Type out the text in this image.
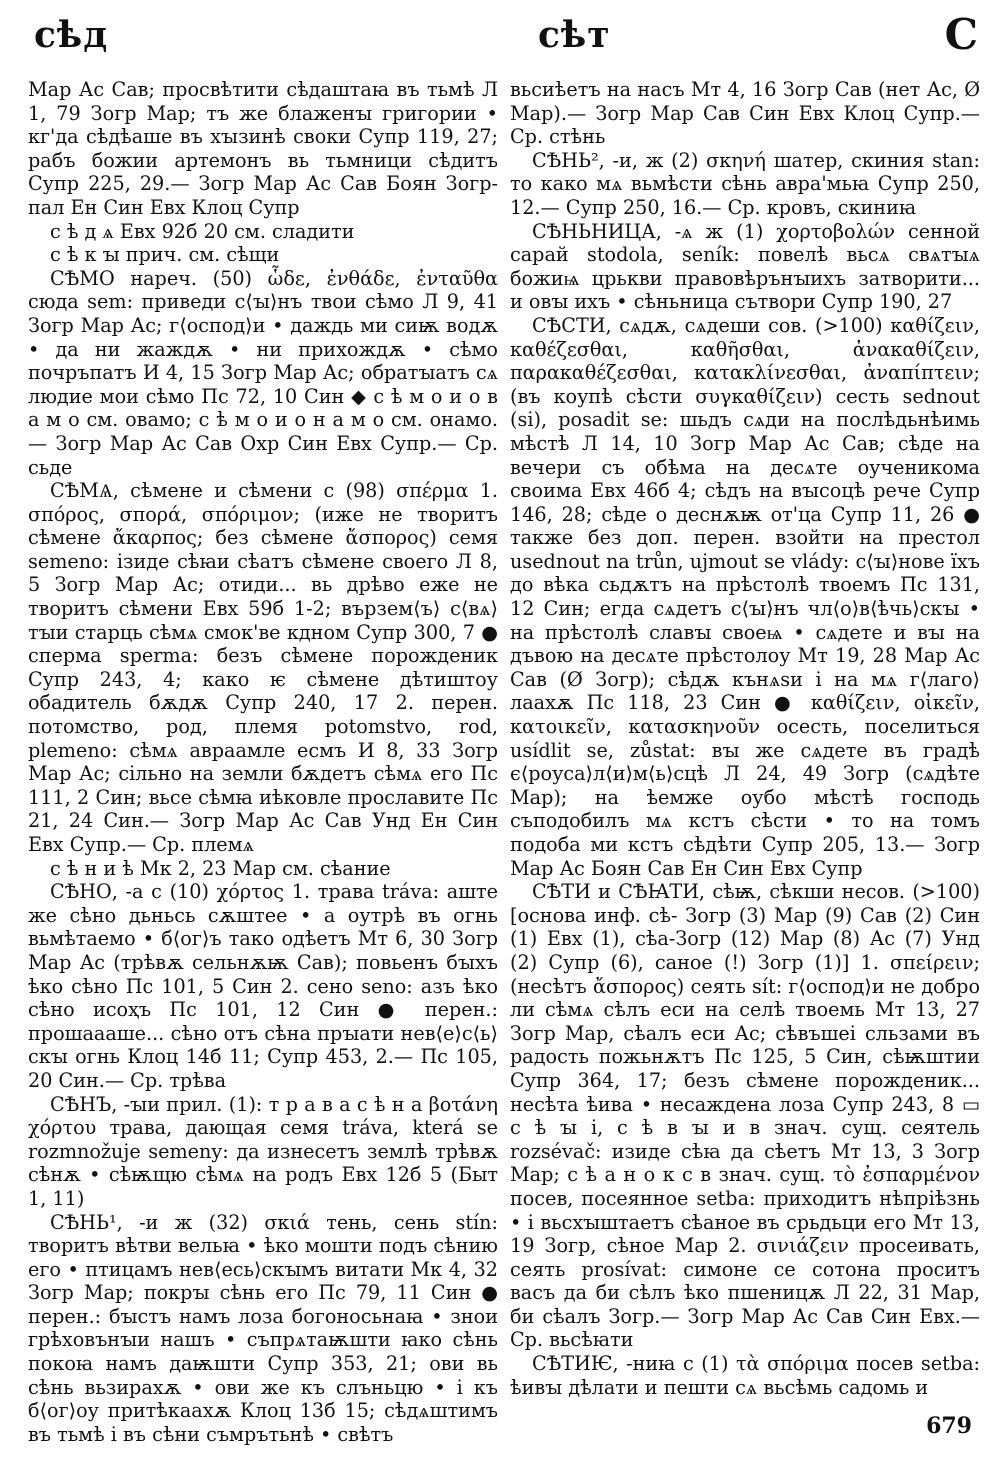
сѣд	сѣт	С

Мар Ас Сав; просвѣтити сѣдаштаꙗ въ тьмѣ Л 1, 79 Зогр Мар; тъ же блаженꙑ григории • кг'да сѣдѣаше въ хꙑзинѣ своки Супр 119, 27; рабъ божии артемонъ вь тьмници сѣдитъ Супр 225, 29.— Зогр Мар Ас Сав Боян Зогр-пал Ен Син Евх Клоц Супр

с ѣ д ѧ Евх 92б 20 см. сладити

с ѣ к ꙑ прич. см. сѣщи

СѢМО нареч. (50) ὧδε, ἐνθάδε, ἐνταῦθα сюда sem: приведи с⟨ꙑ⟩нъ твои сѣмо Л 9, 41 Зогр Мар Ас; г⟨оспод⟩и • даждь ми сиѭ водѫ • да ни жаждѫ • ни прихождѫ • сѣмо почръпатъ И 4, 15 Зогр Мар Ас; обратꙑатъ сѧ людие мои сѣмо Пс 72, 10 Син ◆ с ѣ м о и о в а м о см. овамо; с ѣ м о и о н а м о см. онамо.— Зогр Мар Ас Сав Охр Син Евх Супр.— Ср. сьде

СѢМѦ, сѣмене и сѣмени с (98) σπέρμα 1. σπόρος, σπορά, σπόριμον; (иже не творитъ сѣмене ἄκαρπος; без сѣмене ἄσπορος) семя semeno: ізиде сѣꙗи сѣатъ сѣмене своего Л 8, 5 Зогр Мар Ас; отиди... вь дрѣво еже не творитъ сѣмени Евх 59б 1-2; вързем⟨ъ⟩ с⟨вѧ⟩тꙑи старць сѣмѧ смок'ве кдном Супр 300, 7 ● сперма sperma: безъ сѣмене порожденик Супр 243, 4; како ѥ сѣмене дѣтиштоу обадитель бѫдѫ Супр 240, 17 2. перен. потомство, род, племя potomstvo, rod, plemeno: сѣмѧ авраамле есмъ И 8, 33 Зогр Мар Ас; сільно на земли бѫдетъ сѣмѧ его Пс 111, 2 Син; вьсе сѣмꙗ иѣковле прославите Пс 21, 24 Син.— Зогр Мар Ас Сав Унд Ен Син Евх Супр.— Ср. племѧ

с ѣ н и ѣ Мк 2, 23 Мар см. сѣание

СѢНО, -а с (10) χόρτος 1. трава tráva: аште же сѣно дьньсь сѫштее • а оутрѣ въ огнь вьмѣтаемо • б⟨ог⟩ъ тако одѣетъ Мт 6, 30 Зогр Мар Ас (трѣвѫ сельнѫѭ Сав); повьенъ бꙑхъ ѣко сѣно Пс 101, 5 Син 2. сено seno: азъ ѣко сѣно исоҳъ Пс 101, 12 Син ● перен.: прошаааше... сѣно отъ сѣна прꙑати нев⟨е⟩с⟨ь⟩скꙑ огнь Клоц 14б 11; Супр 453, 2.— Пс 105, 20 Син.— Ср. трѣва

СѢНЪ, -ꙑи прил. (1): т р а в а с ѣ н а βοτάνη χόρτου трава, дающая семя tráva, která se rozmnožuje semeny: да изнесетъ землѣ трѣвѫ сѣнѫ • сѣѭщю сѣмѧ на родъ Евх 12б 5 (Быт 1, 11)

СѢНЬ¹, -и ж (32) σκιά тень, сень stín: творитъ вѣтви вельꙗ • ѣко мошти подъ сѣнию его • птицамъ нев⟨есь⟩скꙑмъ витати Мк 4, 32 Зогр Мар; покрꙑ сѣнь его Пс 79, 11 Син ● перен.: бꙑстъ намъ лоза богоносьнаꙗ • знои грѣховънꙑи нашъ • съпрѧтаѭшти ꙗко сѣнь покоꙗ намъ даѭшти Супр 353, 21; ови вь сѣнь вьзирахѫ • ови же къ слъньцю • і къ б⟨ог⟩оу притѣкаахѫ Клоц 13б 15; сѣдѧштимъ въ тьмѣ і въ сѣни съмрътьнѣ • свѣтъ

вьсиѣетъ на насъ Мт 4, 16 Зогр Сав (нет Ас, Ø Мар).— Зогр Мар Сав Син Евх Клоц Супр.— Ср. стѣнь

СѢНЬ², -и, ж (2) σκηνή шатер, скиния stan: то како мѧ вьмѣсти сѣнь авра'мьꙗ Супр 250, 12.— Супр 250, 16.— Ср. кровъ, скиниꙗ

СѢНЬНИЦА, -ѧ ж (1) χορτοβολών сенной сарай stodola, seník: повелѣ вьсѧ свѧтꙑѧ божиѩ црькви правовѣрънꙑихъ затворити... и овꙑ ихъ • сѣньница сътвори Супр 190, 27

СѢСТИ, сѧдѫ, сѧдеши сов. (>100) καθίζειν, καθέζεσθαι, καθῆσθαι, ἀνακαθίζειν, παρακαθέζεσθαι, κατακλίνεσθαι, ἀναπίπτειν; (въ коупѣ сѣсти συγκαθίζειν) сесть sednout (si), posadit se: шьдъ сѧди на послѣдьнѣимь мѣстѣ Л 14, 10 Зогр Мар Ас Сав; сѣде на вечери съ обѣма на десѧте оученикома своима Евх 46б 4; сѣдъ на вꙑсоцѣ рече Супр 146, 28; сѣде о деснѫѭ от'ца Супр 11, 26 ● также без доп. перен. взойти на престол usednout na trůn, ujmout se vlády: с⟨ꙑ⟩нове їхъ до вѣка сьдѫтъ на прѣстолѣ твоемъ Пс 131, 12 Син; егда сѧдетъ с⟨ꙑ⟩нъ чл⟨о⟩в⟨ѣчь⟩скꙑ • на прѣстолѣ славꙑ своеѩ • сѧдете и вꙑ на дъвою на десѧте прѣстолоу Мт 19, 28 Мар Ас Сав (Ø Зогр); сѣдѫ кънѧѕи і на мѧ г⟨лаго⟩лаахѫ Пс 118, 23 Син ● καθίζειν, οἰκεῖν, κατοικεῖν, κατασκηνοῦν осесть, поселиться usídlit se, zůstat: вꙑ же сѧдете въ градѣ є⟨роуса⟩л⟨и⟩м⟨ь⟩сцѣ Л 24, 49 Зогр (сѧдѣте Мар); на ѣемже оубо мѣстѣ господь съподобилъ мѧ кстъ сѣсти • то на томъ подоба ми кстъ сѣдѣти Супр 205, 13.— Зогр Мар Ас Боян Сав Ен Син Евх Супр

СѢТИ и СѢꙖТИ, сѣѭ, сѣкши несов. (>100) [основа инф. сѣ- Зогр (3) Мар (9) Сав (2) Син (1) Евх (1), сѣа-Зогр (12) Мар (8) Ас (7) Унд (2) Супр (6), саное (!) Зогр (1)] 1. σπείρειν; (несѣтъ ἄσπορος) сеять sít: г⟨оспод⟩и не добро ли сѣмѧ сѣлъ еси на селѣ твоемь Мт 13, 27 Зогр Мар, сѣалъ еси Ас; сѣвъшеі сльзами въ радость пожьнѫтъ Пс 125, 5 Син, сѣѭштии Супр 364, 17; безъ сѣмене порожденик... несѣта ѣива • несаждена лоза Супр 243, 8 ▭ с ѣ ꙑ і, с ѣ в ꙑ и в знач. сущ. сеятель rozsévač: изиде сѣꙗ да сѣетъ Мт 13, 3 Зогр Мар; с ѣ а н о к с в знач. сущ. τὸ ἐσπαρμένον посев, посеянное setba: приходитъ нѣпріѣзнь • і вьсхꙑштаетъ сѣаное въ срьдьци его Мт 13, 19 Зогр, сѣное Мар 2. σινιάζειν просеивать, сеять prosívat: симоне се сотона проситъ васъ да би сѣлъ ѣко пшеницѫ Л 22, 31 Мар, би сѣалъ Зогр.— Зогр Мар Ас Сав Син Евх.— Ср. вьсѣꙗти

СѢТИѤ, -ниꙗ с (1) τὰ σπόριμα посев setba: ѣивꙑ дѣлати и пешти сѧ вьсѣмь садомь и

679
